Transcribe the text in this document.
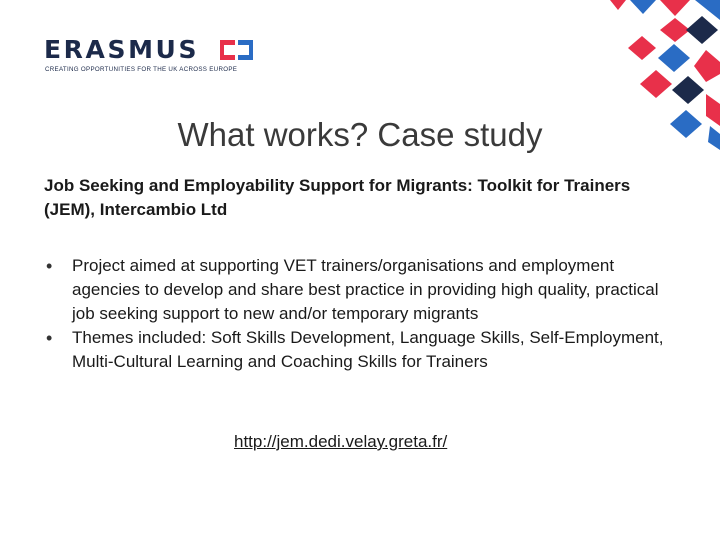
ERASMUS
CREATING OPPORTUNITIES FOR THE UK ACROSS EUROPE
What works? Case study

Job Seeking and Employability Support for Migrants: Toolkit for Trainers (JEM), Intercambio Ltd

• Project aimed at supporting VET trainers/organisations and employment agencies to develop and share best practice in providing high quality, practical job seeking support to new and/or temporary migrants
• Themes included: Soft Skills Development, Language Skills, Self-Employment, Multi-Cultural Learning and Coaching Skills for Trainers
http://jem.dedi.velay.greta.fr/
